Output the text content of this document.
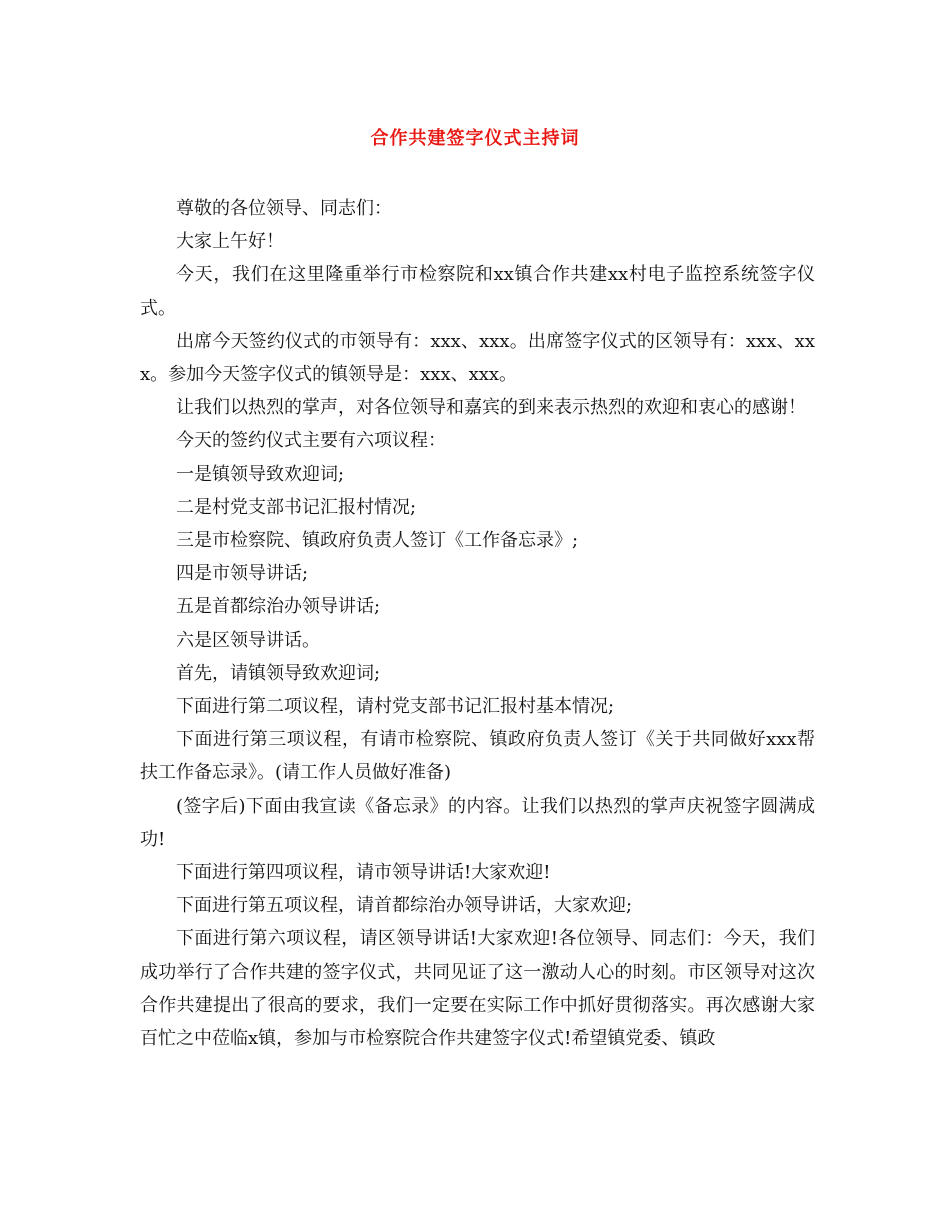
合作共建签字仪式主持词

尊敬的各位领导、同志们：

大家上午好！

今天，我们在这里隆重举行市检察院和xx镇合作共建xx村电子监控系统签字仪式。

出席今天签约仪式的市领导有：xxx、xxx。出席签字仪式的区领导有：xxx、xxx。参加今天签字仪式的镇领导是：xxx、xxx。

让我们以热烈的掌声，对各位领导和嘉宾的到来表示热烈的欢迎和衷心的感谢！

今天的签约仪式主要有六项议程：

一是镇领导致欢迎词;

二是村党支部书记汇报村情况;

三是市检察院、镇政府负责人签订《工作备忘录》;

四是市领导讲话;

五是首都综治办领导讲话;

六是区领导讲话。

首先，请镇领导致欢迎词;

下面进行第二项议程，请村党支部书记汇报村基本情况;

下面进行第三项议程，有请市检察院、镇政府负责人签订《关于共同做好xxx帮扶工作备忘录》。(请工作人员做好准备)

(签字后)下面由我宣读《备忘录》的内容。让我们以热烈的掌声庆祝签字圆满成功!

下面进行第四项议程，请市领导讲话!大家欢迎!

下面进行第五项议程，请首都综治办领导讲话，大家欢迎;

下面进行第六项议程，请区领导讲话!大家欢迎!各位领导、同志们：今天，我们成功举行了合作共建的签字仪式，共同见证了这一激动人心的时刻。市区领导对这次合作共建提出了很高的要求，我们一定要在实际工作中抓好贯彻落实。再次感谢大家百忙之中莅临x镇，参加与市检察院合作共建签字仪式!希望镇党委、镇政
